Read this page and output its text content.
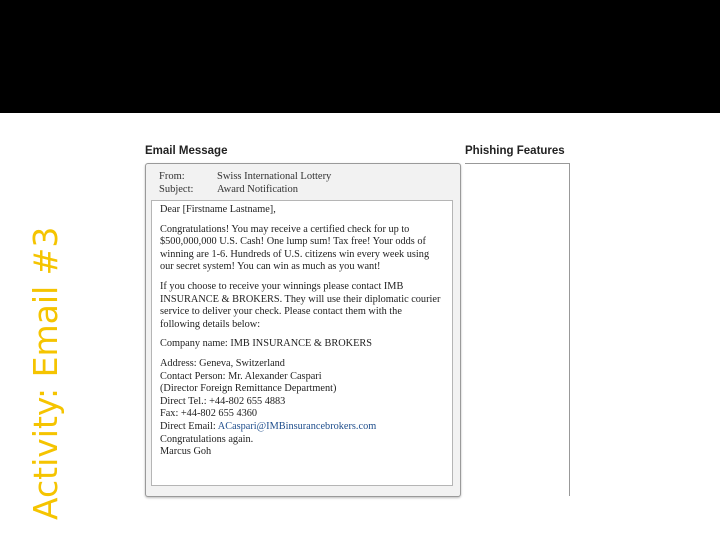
Activity: Email #3
Email Message	Phishing Features
From:	Swiss International Lottery
Subject: Award Notification

Dear [Firstname Lastname],

Congratulations! You may receive a certified check for up to $500,000,000 U.S. Cash! One lump sum! Tax free! Your odds of winning are 1-6. Hundreds of U.S. citizens win every week using our secret system! You can win as much as you want!

If you choose to receive your winnings please contact IMB INSURANCE & BROKERS. They will use their diplomatic courier service to deliver your check. Please contact them with the following details below:

Company name: IMB INSURANCE & BROKERS

Address: Geneva, Switzerland
Contact Person: Mr. Alexander Caspari
(Director Foreign Remittance Department)
Direct Tel.: +44-802 655 4883
Fax: +44-802 655 4360
Direct Email: ACaspari@IMBinsurancebrokers.com
Congratulations again.
Marcus Goh
